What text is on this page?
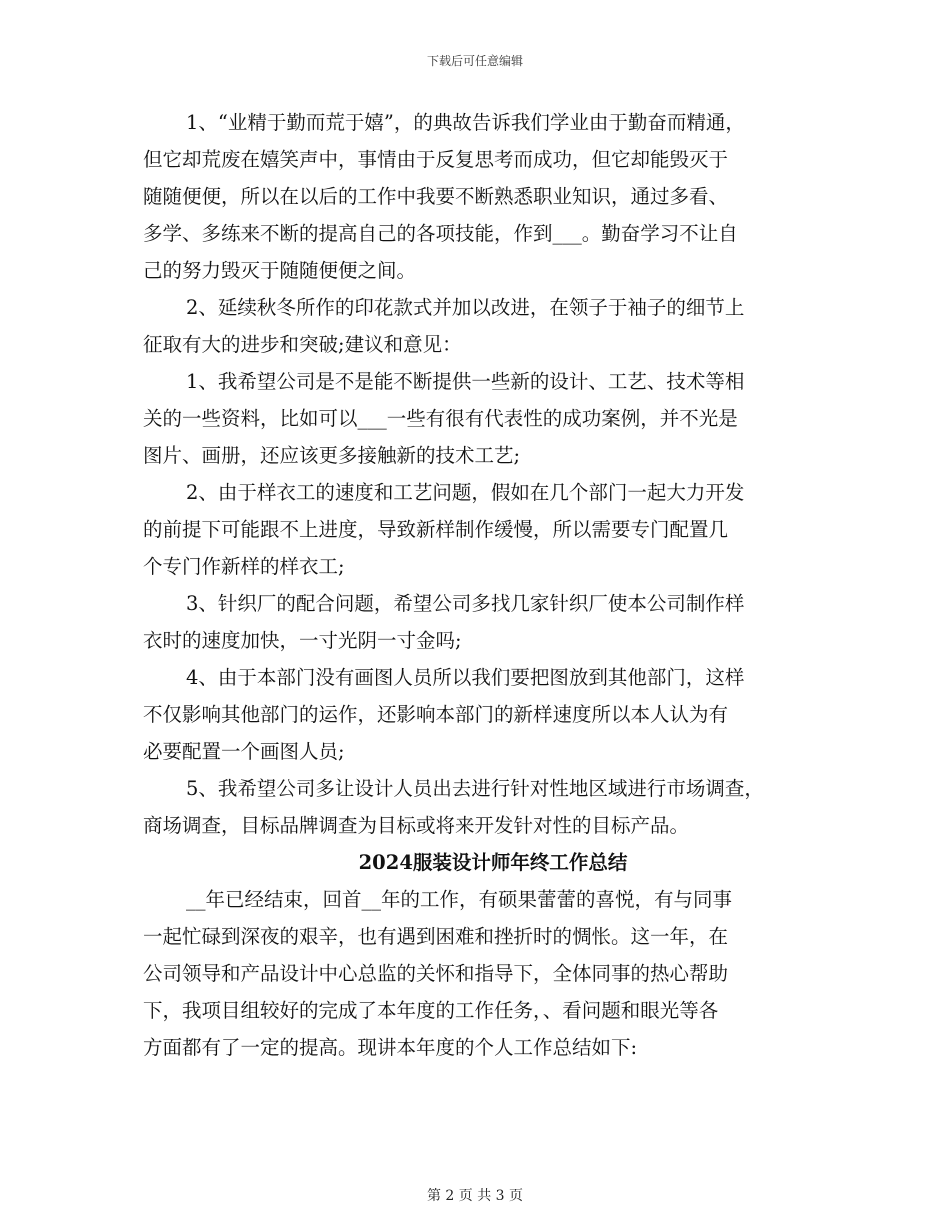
下载后可任意编辑

1、“业精于勤而荒于嬉”，的典故告诉我们学业由于勤奋而精通，
但它却荒废在嬉笑声中，事情由于反复思考而成功，但它却能毁灭于
随随便便，所以在以后的工作中我要不断熟悉职业知识，通过多看、
多学、多练来不断的提高自己的各项技能，作到___。勤奋学习不让自
己的努力毁灭于随随便便之间。

2、延续秋冬所作的印花款式并加以改进，在领子于袖子的细节上
征取有大的进步和突破;建议和意见：

1、我希望公司是不是能不断提供一些新的设计、工艺、技术等相
关的一些资料，比如可以___一些有很有代表性的成功案例，并不光是
图片、画册，还应该更多接触新的技术工艺;

2、由于样衣工的速度和工艺问题，假如在几个部门一起大力开发
的前提下可能跟不上进度，导致新样制作缓慢，所以需要专门配置几
个专门作新样的样衣工;

3、针织厂的配合问题，希望公司多找几家针织厂使本公司制作样
衣时的速度加快，一寸光阴一寸金吗;

4、由于本部门没有画图人员所以我们要把图放到其他部门，这样
不仅影响其他部门的运作，还影响本部门的新样速度所以本人认为有
必要配置一个画图人员;

5、我希望公司多让设计人员出去进行针对性地区域进行市场调查，
商场调查，目标品牌调查为目标或将来开发针对性的目标产品。

2024服装设计师年终工作总结

__年已经结束，回首__年的工作，有硕果蕾蕾的喜悦，有与同事
一起忙碌到深夜的艰辛，也有遇到困难和挫折时的惆怅。这一年，在
公司领导和产品设计中心总监的关怀和指导下，全体同事的热心帮助
下，我项目组较好的完成了本年度的工作任务，、看问题和眼光等各
方面都有了一定的提高。现讲本年度的个人工作总结如下:

第 2 页 共 3 页
